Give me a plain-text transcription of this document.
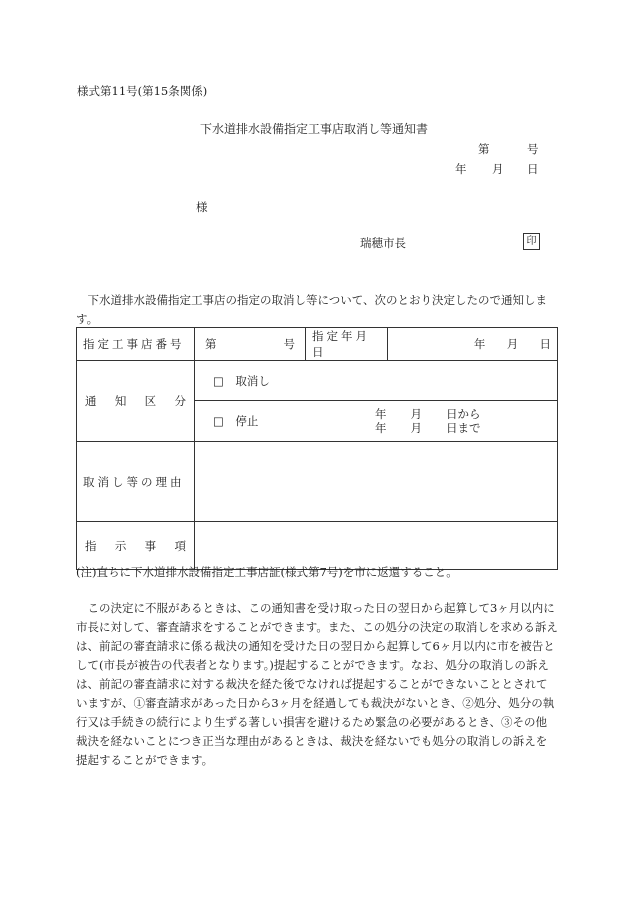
様式第11号(第15条関係)
下水道排水設備指定工事店取消し等通知書
第	号
年 月 日
様
瑞穂市長	印
下水道排水設備指定工事店の指定の取消し等について、次のとおり決定したので通知します。
指定工事店番号	第 号	指定年月日	年 月 日

通 知 区 分	□　取消し		
	□　停止 年 月 日から
年 月 日まで		

取消し等の理由			

指 示 事 項			

(注)直ちに下水道排水設備指定工事店証(様式第7号)を市に返還すること。
この決定に不服があるときは、この通知書を受け取った日の翌日から起算して3ヶ月以内に市長に対して、審査請求をすることができます。また、この処分の決定の取消しを求める訴えは、前記の審査請求に係る裁決の通知を受けた日の翌日から起算して6ヶ月以内に市を被告として(市長が被告の代表者となります。)提起することができます。なお、処分の取消しの訴えは、前記の審査請求に対する裁決を経た後でなければ提起することができないこととされていますが、①審査請求があった日から3ヶ月を経過しても裁決がないとき、②処分、処分の執行又は手続きの続行により生ずる著しい損害を避けるため緊急の必要があるとき、③その他裁決を経ないことにつき正当な理由があるときは、裁決を経ないでも処分の取消しの訴えを提起することができます。
